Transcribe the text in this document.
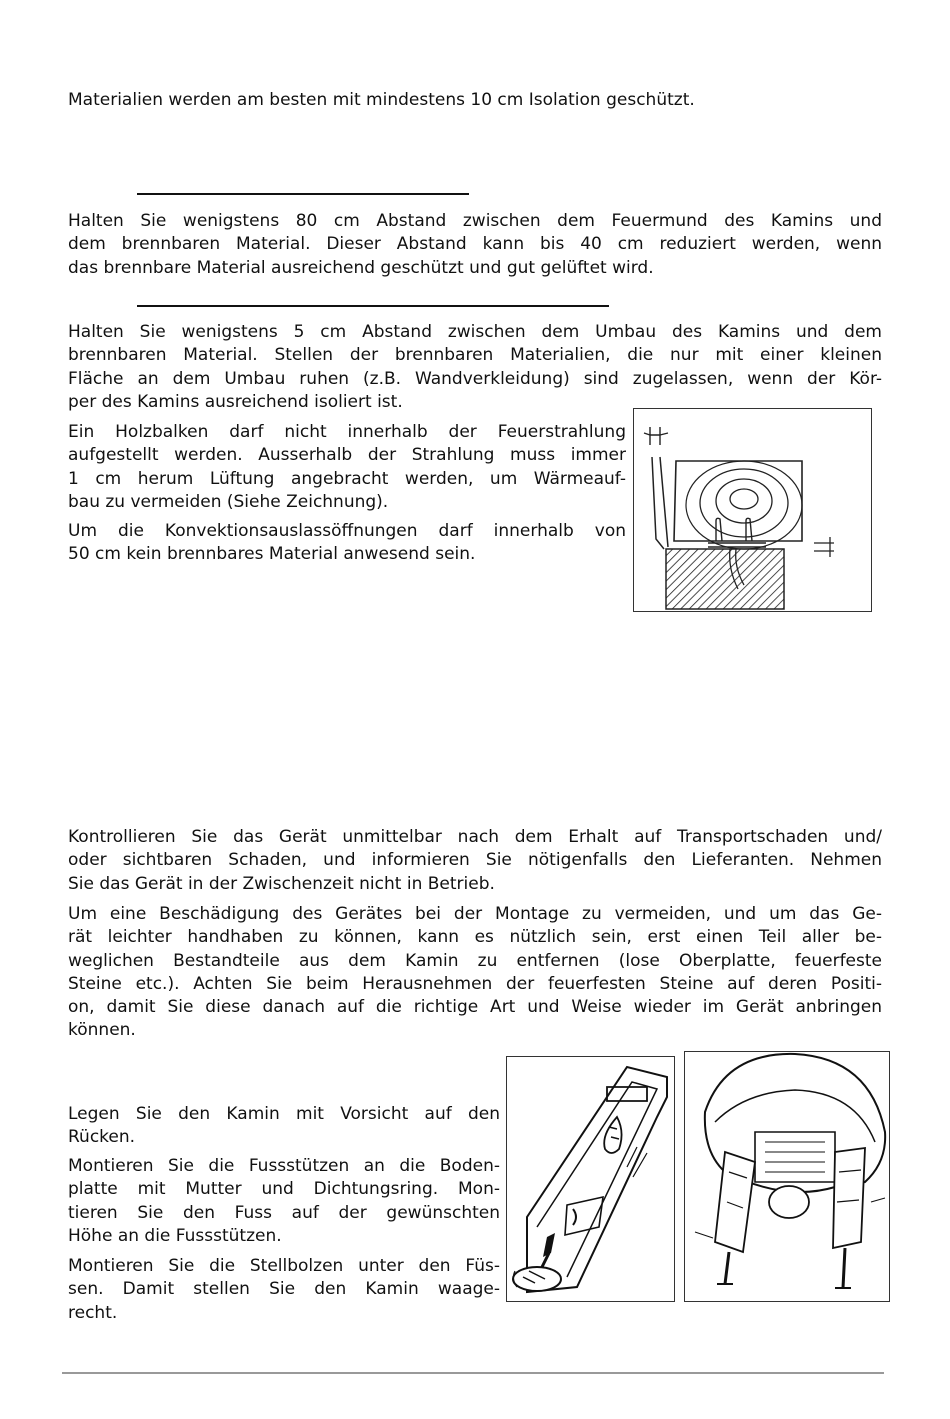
Materialien werden am besten mit mindestens 10 cm Isolation geschützt.

Halten Sie wenigstens 80 cm Abstand zwischen dem Feuermund des Kamins und
dem brennbaren Material. Dieser Abstand kann bis 40 cm reduziert werden, wenn
das brennbare Material ausreichend geschützt und gut gelüftet wird.
Halten Sie wenigstens 5 cm Abstand zwischen dem Umbau des Kamins und dem
brennbaren Material. Stellen der brennbaren Materialien, die nur mit einer kleinen
Fläche an dem Umbau ruhen (z.B. Wandverkleidung) sind zugelassen, wenn der Kör-
per des Kamins ausreichend isoliert ist.
Ein Holzbalken darf nicht innerhalb der Feuerstrahlung
aufgestellt werden. Ausserhalb der Strahlung muss immer
1 cm herum Lüftung angebracht werden, um Wärmeauf-
bau zu vermeiden (Siehe Zeichnung).
Um die Konvektionsauslassöffnungen darf innerhalb von
50 cm kein brennbares Material anwesend sein.
Kontrollieren Sie das Gerät unmittelbar nach dem Erhalt auf Transportschaden und/
oder sichtbaren Schaden, und informieren Sie nötigenfalls den Lieferanten. Nehmen
Sie das Gerät in der Zwischenzeit nicht in Betrieb.
Um eine Beschädigung des Gerätes bei der Montage zu vermeiden, und um das Ge-
rät leichter handhaben zu können, kann es nützlich sein, erst einen Teil aller be-
weglichen Bestandteile aus dem Kamin zu entfernen (lose Oberplatte, feuerfeste
Steine etc.). Achten Sie beim Herausnehmen der feuerfesten Steine auf deren Positi-
on, damit Sie diese danach auf die richtige Art und Weise wieder im Gerät anbringen
können.
Legen Sie den Kamin mit Vorsicht auf den
Rücken.
Montieren Sie die Fussstützen an die Boden-
platte mit Mutter und Dichtungsring. Mon-
tieren Sie den Fuss auf der gewünschten
Höhe an die Fussstützen.
Montieren Sie die Stellbolzen unter den Füs-
sen. Damit stellen Sie den Kamin waage-
recht.
